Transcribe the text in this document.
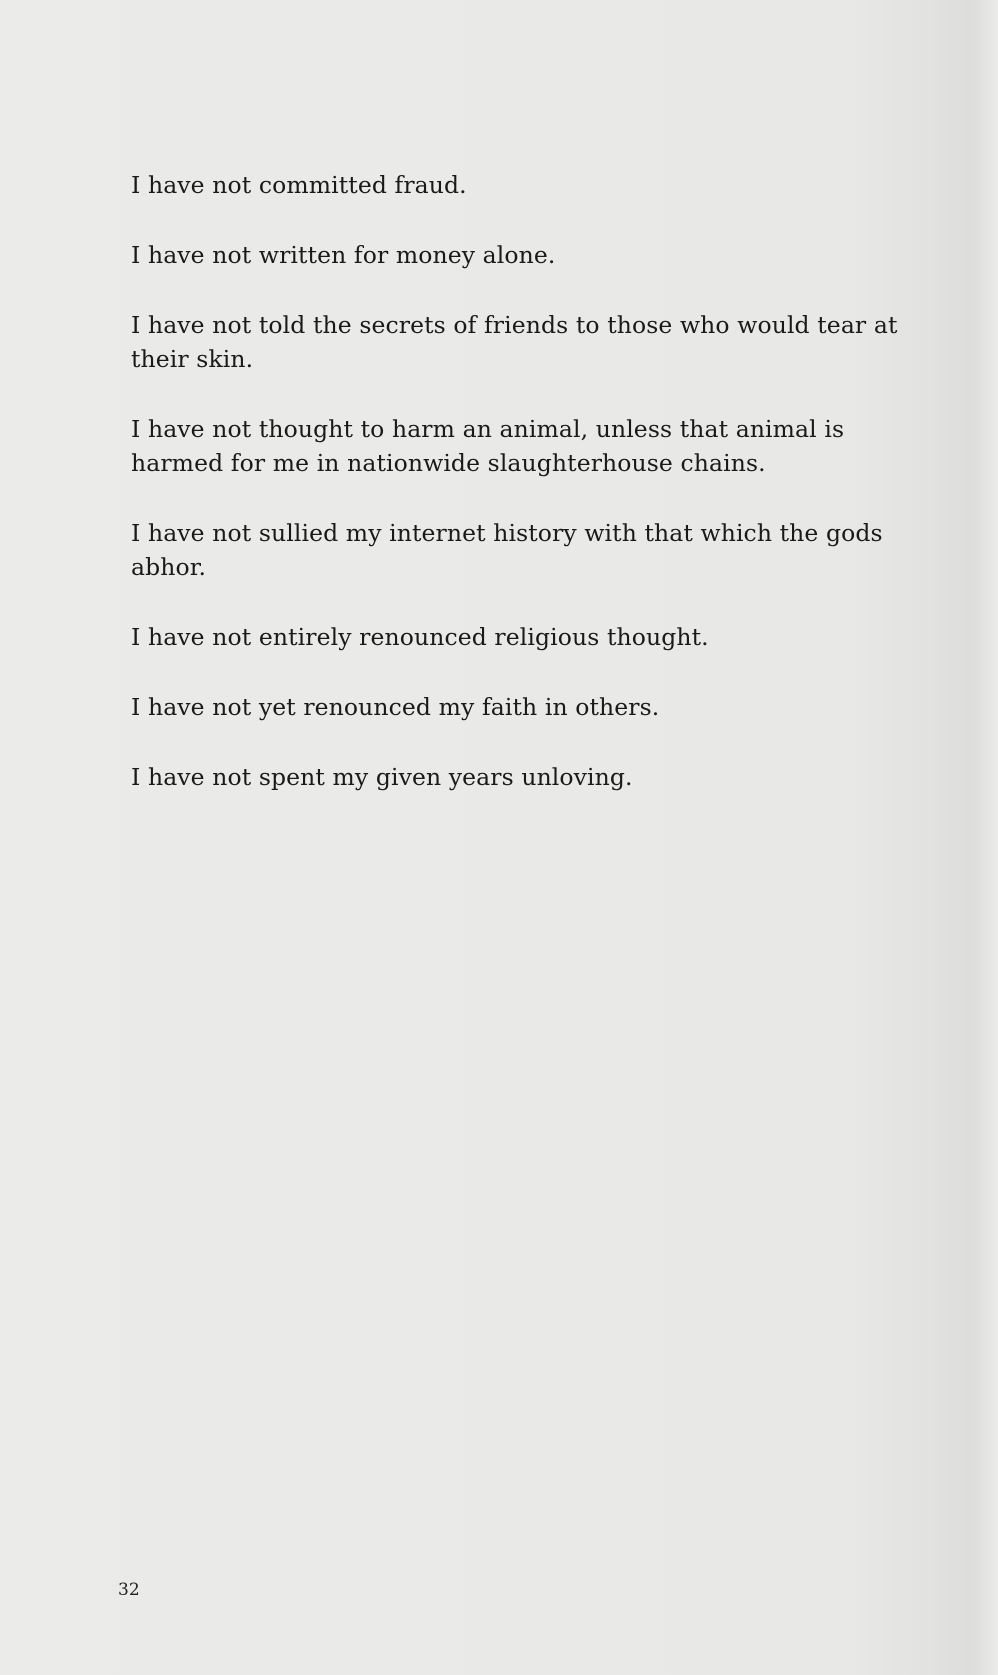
I have not committed fraud.

I have not written for money alone.

I have not told the secrets of friends to those who would tear at their skin.

I have not thought to harm an animal, unless that animal is harmed for me in nationwide slaughterhouse chains.

I have not sullied my internet history with that which the gods abhor.

I have not entirely renounced religious thought.

I have not yet renounced my faith in others.

I have not spent my given years unloving.

32
